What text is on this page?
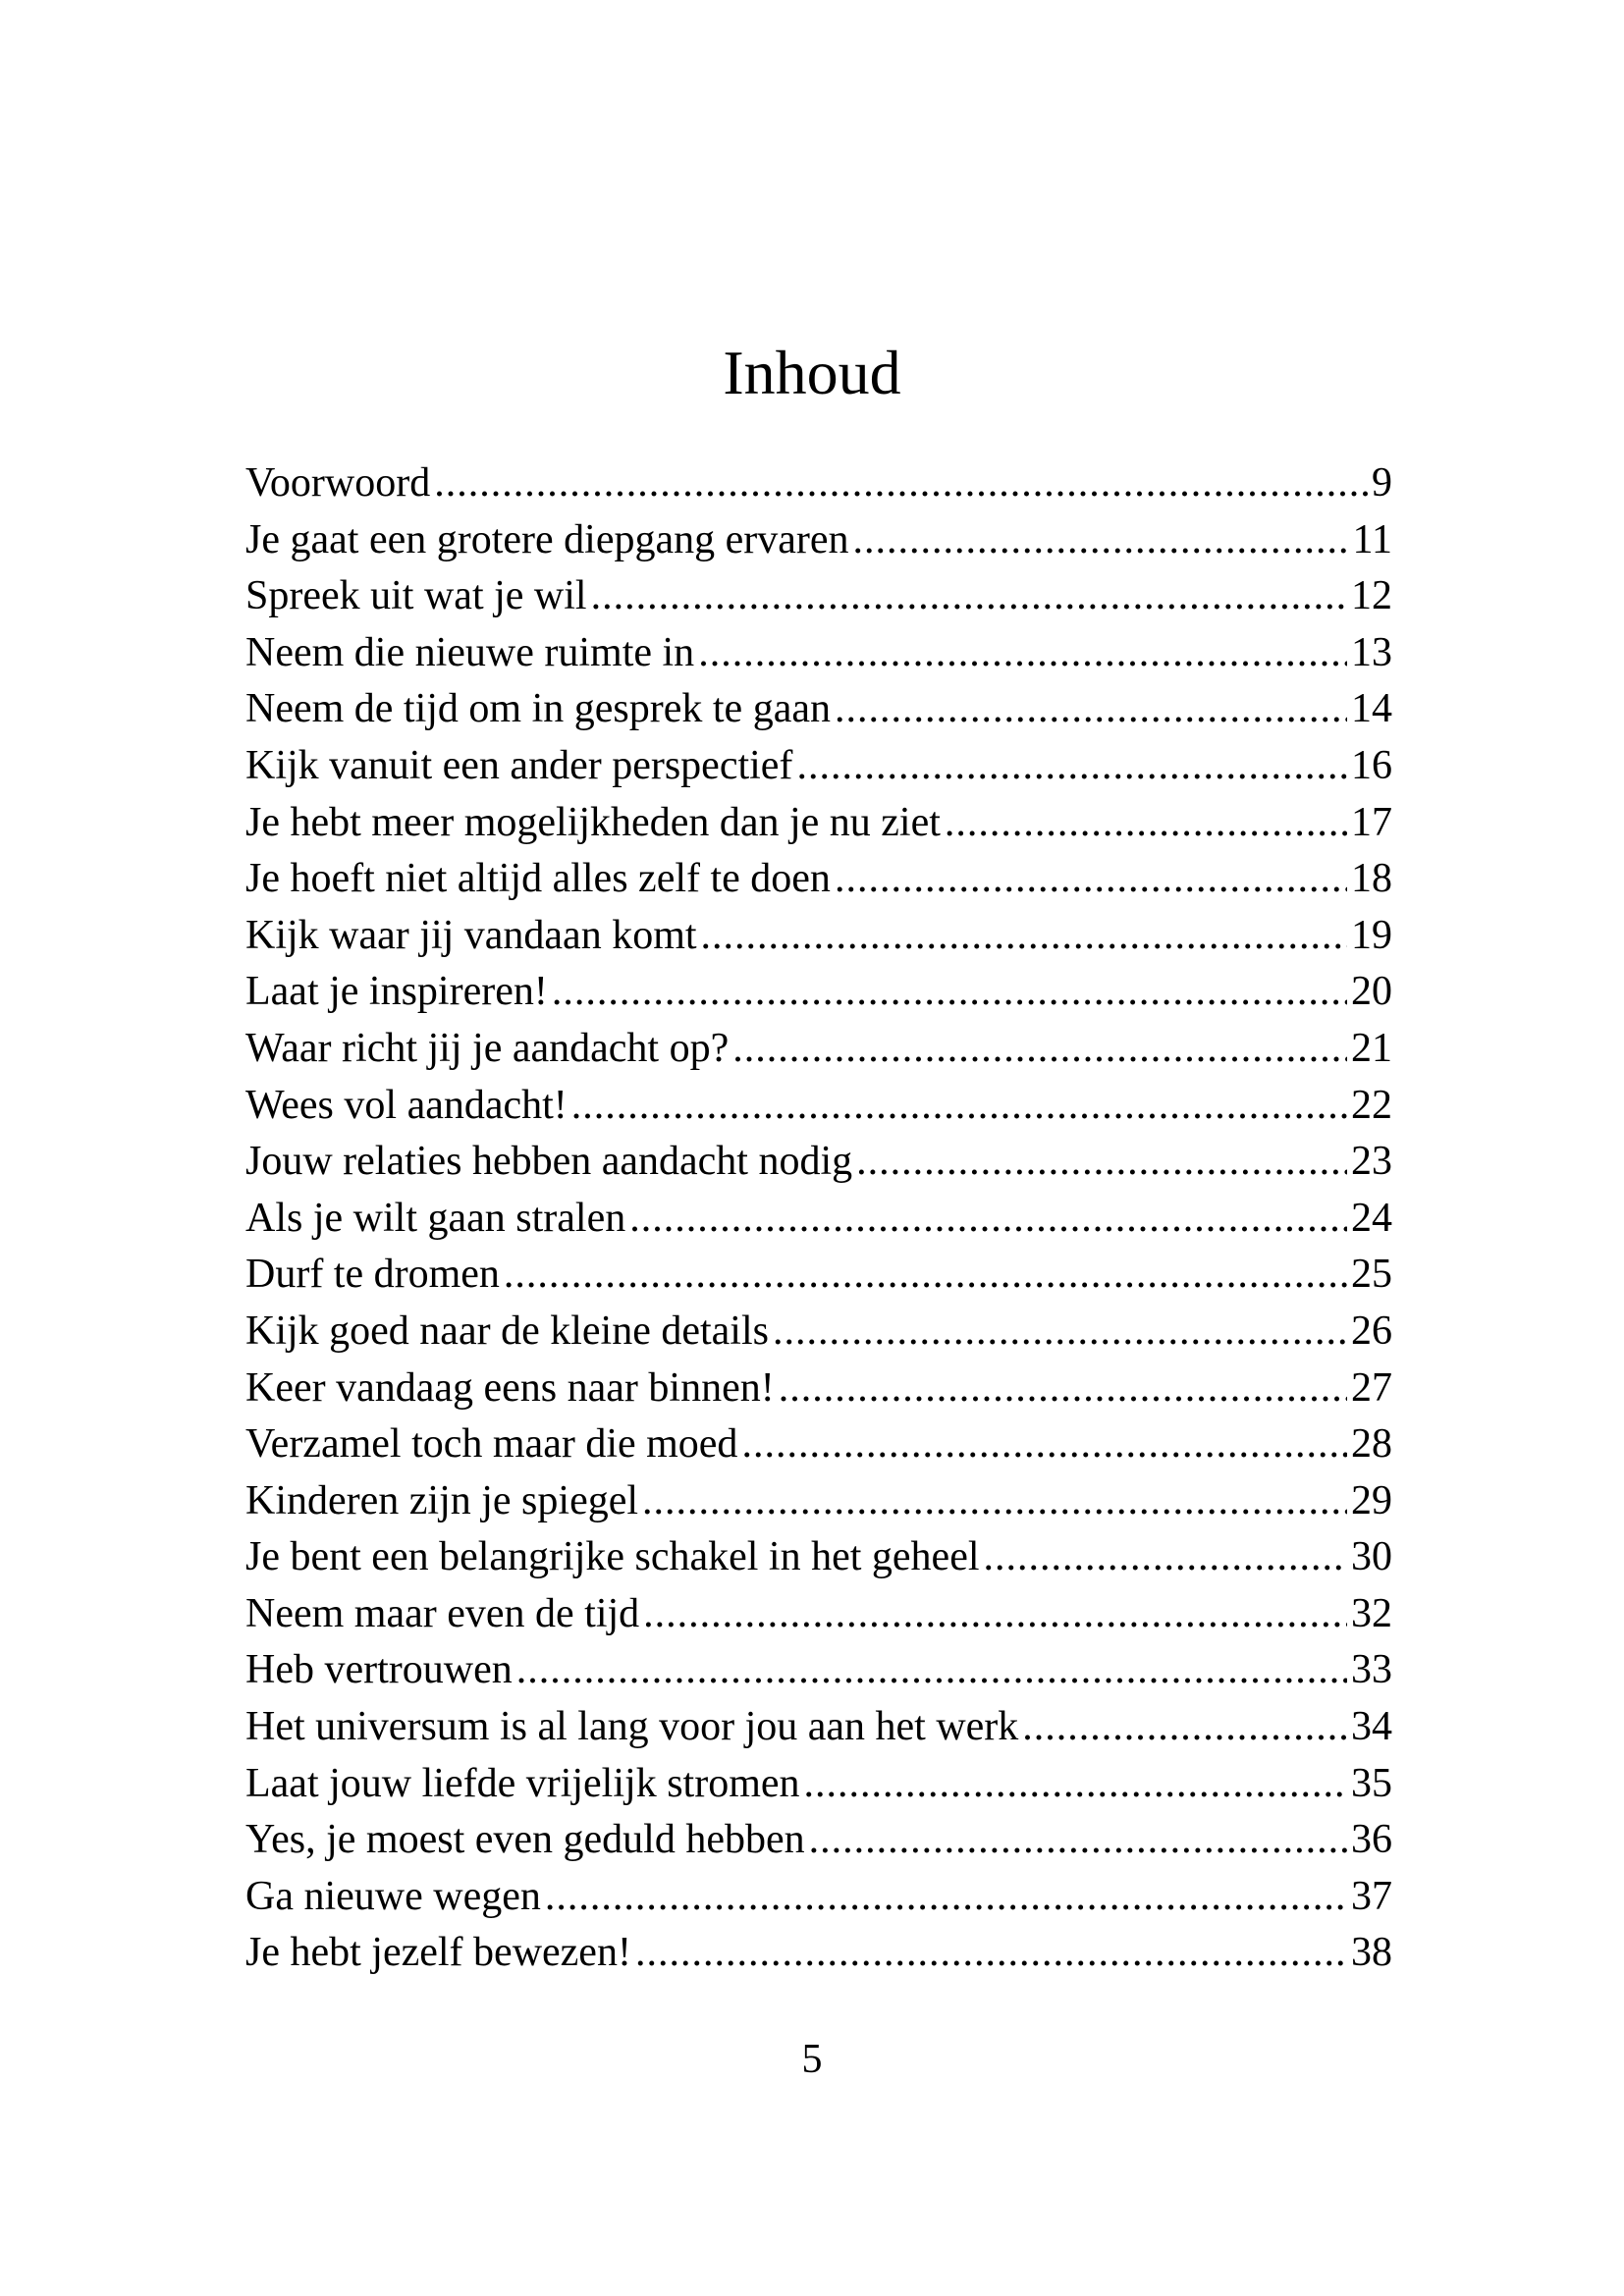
Inhoud
Voorwoord .....	9
Je gaat een grotere diepgang ervaren .....	11
Spreek uit wat je wil .....	12
Neem die nieuwe ruimte in .....	13
Neem de tijd om in gesprek te gaan .....	14
Kijk vanuit een ander perspectief .....	16
Je hebt meer mogelijkheden dan je nu ziet .....	17
Je hoeft niet altijd alles zelf te doen .....	18
Kijk waar jij vandaan komt .....	19
Laat je inspireren! .....	20
Waar richt jij je aandacht op? .....	21
Wees vol aandacht! .....	22
Jouw relaties hebben aandacht nodig .....	23
Als je wilt gaan stralen .....	24
Durf te dromen .....	25
Kijk goed naar de kleine details .....	26
Keer vandaag eens naar binnen! .....	27
Verzamel toch maar die moed .....	28
Kinderen zijn je spiegel .....	29
Je bent een belangrijke schakel in het geheel .....	30
Neem maar even de tijd .....	32
Heb vertrouwen .....	33
Het universum is al lang voor jou aan het werk .....	34
Laat jouw liefde vrijelijk stromen .....	35
Yes, je moest even geduld hebben .....	36
Ga nieuwe wegen .....	37
Je hebt jezelf bewezen! .....	38
5
